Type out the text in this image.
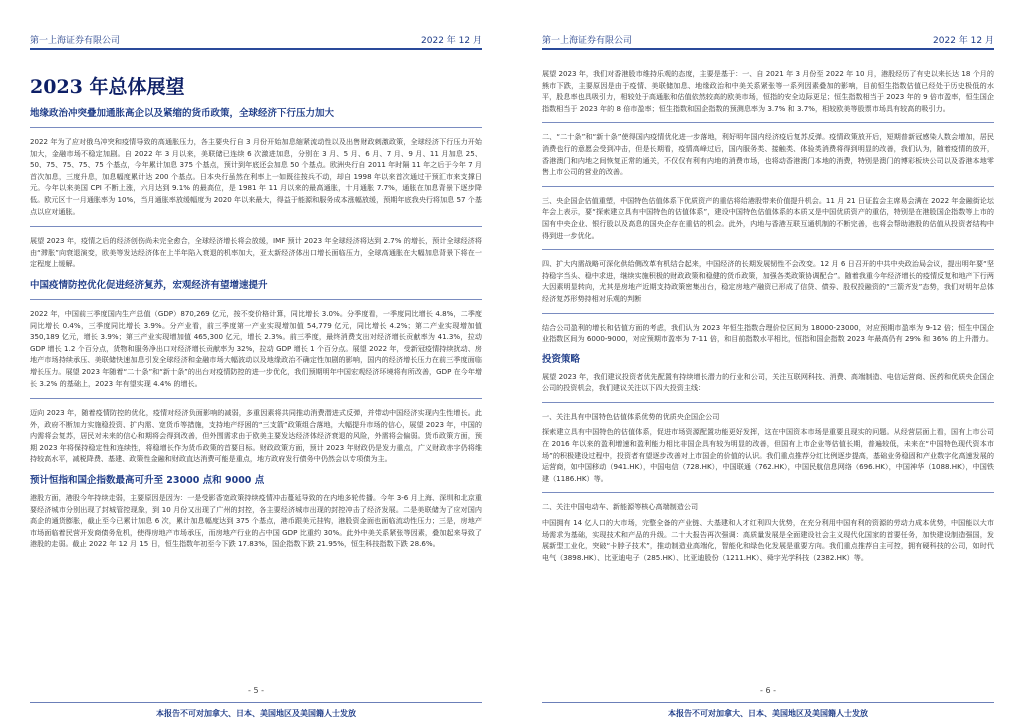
第一上海证券有限公司	2022 年 12 月
2023 年总体展望
地缘政治冲突叠加通胀高企以及紧缩的货币政策，全球经济下行压力加大

2022 年为了应对俄乌冲突和疫情导致的高通胀压力，各主要央行自 3 月份开始加息缩紧流动性以及出售财政刺激政策，全球经济下行压力开始加大，金融市场不稳定加剧。自 2022 年 3 月以来，美联储已连续 6 次激进加息，分别在 3 月、5 月、6 月、7 月、9 月、11 月加息 25、50、75、75、75、75 个基点，今年累计加息 375 个基点，预计到年底还会加息 50 个基点。欧洲央行自 2011 年时隔 11 年之后于今年 7 月首次加息，三度升息，加息幅度累计达 200 个基点。日本央行虽然在利率上一如既往按兵不动，却自 1998 年以来首次通过干预汇市来支撑日元。今年以来美国 CPI 不断上涨，六月达到 9.1% 的最高位，是 1981 年 11 月以来的最高通胀，十月通胀 7.7%，通胀在加息背景下逐步降低。欧元区十一月通胀率为 10%，当月通胀率放缓幅度为 2020 年以来最大，得益于能源和服务成本涨幅放缓，预期年底我央行将加息 57 个基点以应对通胀。

展望 2023 年，疫情之后的经济创伤尚未完全愈合，全球经济增长将会放缓，IMF 预计 2023 年全球经济将达到 2.7% 的增长，预计全球经济将由“滞胀”向衰退演变，欧美等发达经济体在上半年陷入衰退的机率加大，亚太新经济体出口增长面临压力，全球高通胀在大幅加息背景下将在一定程度上缓解。

中国疫情防控优化促进经济复苏，宏观经济有望增速提升

2022 年，中国前三季度国内生产总值（GDP）870,269 亿元，按不变价格计算，同比增长 3.0%。分季度看，一季度同比增长 4.8%，二季度同比增长 0.4%，三季度同比增长 3.9%。分产业看，前三季度第一产业实现增加值 54,779 亿元，同比增长 4.2%；第二产业实现增加值 350,189 亿元，增长 3.9%；第三产业实现增加值 465,300 亿元，增长 2.3%。前三季度，最终消费支出对经济增长贡献率为 41.3%，拉动 GDP 增长 1.2 个百分点，货物和服务净出口对经济增长贡献率为 32%，拉动 GDP 增长 1 个百分点。展望 2022 年，受新冠疫情持续扰动、房地产市场持续承压、美联储快速加息引发全球经济和金融市场大幅波动以及地缘政治不确定性加剧的影响，国内的经济增长压力在前三季度面临增长压力。展望 2023 年随着“二十条”和“新十条”的出台对疫情防控的进一步优化，我们预期明年中国宏观经济环境将有所改善，GDP 在今年增长 3.2% 的基础上，2023 年有望实现 4.4% 的增长。

迈向 2023 年，随着疫情防控的优化，疫情对经济负面影响的减弱，多重因素将共同推动消费潜进式反弹，并带动中国经济实现内生性增长。此外，政府不断加力实施稳投资、扩内需、宽货币等措施，支持地产纾困的“三支箭”政策组合落地，大幅提升市场的信心，展望 2023 年，中国的内需将会复苏，居民对未来的信心和期将会得到改善，但外围需求由于欧美主要发达经济体经济衰退的风险，外需将会偏弱。货币政策方面，预期 2023 年将保持稳定性和连续性，将稳增长作为货币政策的首要目标。财政政策方面，预计 2023 年财政仍是发力重点，广义财政赤字仍将维持较高水平，减税降费、基建、政策性金融和财政直达消费可能是重点，地方政府发行债务中仍然会以专项债为主。

预计恒指和国企指数最高可升至 23000 点和 9000 点

港股方面，港股今年持续走弱，主要原因是因为：一是受影香宽政策持续疫情冲击蔓延导致的在内地多轮传播。今年 3-6 月上海、深圳和北京重要经济城市分别出现了封城管控现象，到 10 月份又出现了广州的封控，各主要经济城市出现的封控冲击了经济发展。二是美联储为了应对国内高企的通货膨胀，截止至今已累计加息 6 次，累计加息幅度达到 375 个基点，港币跟美元挂钩，港股资金面也面临流动性压力；三是，房地产市场面临着民营开发商债务危机，使得房地产市场承压，而房地产行业的占中国 GDP 比重约 30%。此外中美关系紧张等因素，叠加起来导致了港股的走弱。截止 2022 年 12 月 15 日，恒生指数年初至今下跌 17.83%，国企指数下跌 21.95%，恒生科技指数下跌 28.6%。

- 5 -
本报告不可对加拿大、日本、美国地区及美国籍人士发放
第一上海证券有限公司	2022 年 12 月

展望 2023 年，我们对香港股市维持乐观的态度，主要是基于：一、自 2021 年 3 月份至 2022 年 10 月，港股经历了有史以来长达 18 个月的熊市下跌，主要原因是由于疫情、美联储加息、地缘政治和中美关系紧张等一系列因素叠加的影响，目前恒生指数估值已经处于历史极低的水平，股息率也具吸引力，相较处于高通胀和估值依然较高的欧美市场，恒指的安全边际更足；恒生指数相当于 2023 年的 9 倍市盈率，恒生国企指数相当于 2023 年的 8 倍市盈率；恒生指数和国企指数的预测息率为 3.7% 和 3.7%，相较欧美等股票市场具有较高的吸引力。

二、“二十条”和“新十条”使得国内疫情优化进一步落地，利好明年国内经济疫后复苏反弹。疫情政策放开后，短期普新冠感染人数会增加，居民消费也行的意愿会受到冲击，但是长期看，疫情高峰过后，国内服务类、接触类、体验类消费将得到明显的改善，我们认为，随着疫情的放开，香港澳门和内地之间恢复正常的通关，不仅仅有利有内地的消费市场，也将动香港澳门本地的消费，特别是澳门的博彩板块公司以及香港本地零售上市公司的营业的改善。

三、央企国企估值重塑，中国特色估值体系下优质资产的重估将给港股带来价值提升机会。11 月 21 日证监会主席易会满在 2022 年金融街论坛年会上表示，要“探索建立具有中国特色的估值体系”，建设中国特色估值体系的本质又是中国优质资产的重估，特别是在港股国企指数等上市的国有中央企业、银行股以及高息的国央企存在重估的机会。此外，内地与香港互联互通机制的不断完善，也将会帮助港股的估值从投资者结构中得到进一步优化。

四、扩大内需战略可深化供给侧改革有机结合起来，中国经济的长期发展韧性不会改变。12 月 6 日召开的中共中央政治局会议，提出明年要“坚持稳字当头、稳中求进，继续实施积极的财政政策和稳健的货币政策，加强各类政策协调配合”。随着我重今年经济增长的疫情反复和地产下行两大因素明显转向，尤其是房地产近期支持政策密集出台，稳定房地产融资已形成了信贷、债券、股权投融资的“三箭齐发”态势，我们对明年总体经济复苏形势持相对乐观的判断

结合公司盈利的增长和估值方面的考虑，我们认为 2023 年恒生指数合理价位区间为 18000-23000，对应预期市盈率为 9-12 倍；恒生中国企业指数区间为 6000-9000，对应预期市盈率为 7-11 倍，和目前指数水平相比，恒指和国企指数 2023 年最高仍有 29% 和 36% 的上升潜力。

投资策略

展望 2023 年，我们建议投资者优先配置有持续增长潜力的行业和公司，关注互联网科技、消费、高端制造、电信运营商、医药和优质央企国企公司的投资机会，我们建议关注以下四大投资主线：

一、关注具有中国特色估值体系优势的优质央企国企公司

探索建立具有中国特色的估值体系，促进市场资源配置功能更好发挥，这在中国资本市场是重要且现实的问题。从经营层面上看，国有上市公司在 2016 年以来的盈利增速和盈利能力相比非国企具有较为明显的改善，但国有上市企业等估值长期，普遍较低，未来在“中国特色现代资本市场”的积极建设过程中，投资者有望逐步改善对上市国企的价值的认识。我们重点推荐分红比例逐步提高，基础业务稳固和产业数字化高速发展的运营商，如中国移动（941.HK），中国电信（728.HK），中国联通（762.HK），中国民航信息网络（696.HK），中国神华（1088.HK），中国铁建（1186.HK）等。

二、关注中国电动车、新能源等核心高端制造公司

中国拥有 14 亿人口的大市场，完整全备的产业链、大基建和人才红利四大优势，在充分利用中国有利的资源的劳动力成本优势，中国能以大市场需求为基础，实现技术和产品的升级。二十大报告再次强调：高质量发展是全面建设社会主义现代化国家的首要任务，加快建设制造强国，发展新型工业化，突破“卡脖子技术”，推动制造业高端化，智能化和绿色化发展是重要方向。我们重点推荐自主可控，拥有硬科技的公司，如时代电气（3898.HK）、比亚迪电子（285.HK）、比亚迪股份（1211.HK）、舜宇光学科技（2382.HK）等。

- 6 -
本报告不可对加拿大、日本、美国地区及美国籍人士发放
